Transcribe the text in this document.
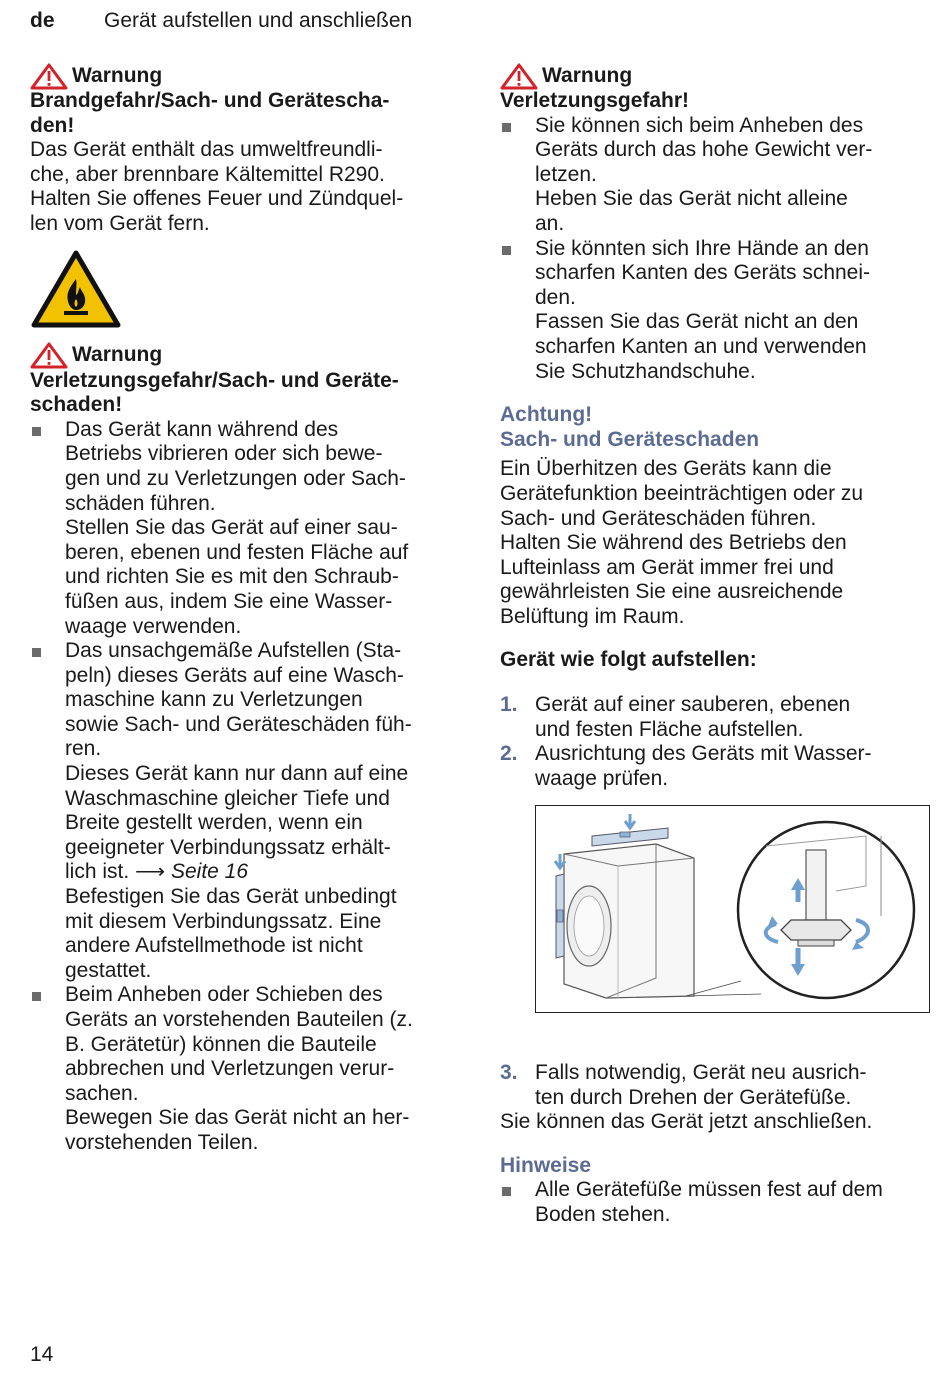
de Gerät aufstellen und anschließen
Warnung
Brandgefahr/Sach- und Gerätescha-
den!
Das Gerät enthält das umweltfreundli-
che, aber brennbare Kältemittel R290.
Halten Sie offenes Feuer und Zündquel-
len vom Gerät fern.
Warnung
Verletzungsgefahr/Sach- und Geräte-
schaden!
Das Gerät kann während des
Betriebs vibrieren oder sich bewe-
gen und zu Verletzungen oder Sach-
schäden führen.
Stellen Sie das Gerät auf einer sau-
beren, ebenen und festen Fläche auf
und richten Sie es mit den Schraub-
füßen aus, indem Sie eine Wasser-
waage verwenden.
Das unsachgemäße Aufstellen (Sta-
peln) dieses Geräts auf eine Wasch-
maschine kann zu Verletzungen
sowie Sach- und Geräteschäden füh-
ren.
Dieses Gerät kann nur dann auf eine
Waschmaschine gleicher Tiefe und
Breite gestellt werden, wenn ein
geeigneter Verbindungssatz erhält-
lich ist. ⟶ Seite 16
Befestigen Sie das Gerät unbedingt
mit diesem Verbindungssatz. Eine
andere Aufstellmethode ist nicht
gestattet.
Beim Anheben oder Schieben des
Geräts an vorstehenden Bauteilen (z.
B. Gerätetür) können die Bauteile
abbrechen und Verletzungen verur-
sachen.
Bewegen Sie das Gerät nicht an her-
vorstehenden Teilen.
Warnung
Verletzungsgefahr!
Sie können sich beim Anheben des
Geräts durch das hohe Gewicht ver-
letzen.
Heben Sie das Gerät nicht alleine
an.
Sie könnten sich Ihre Hände an den
scharfen Kanten des Geräts schnei-
den.
Fassen Sie das Gerät nicht an den
scharfen Kanten an und verwenden
Sie Schutzhandschuhe.
Achtung!
Sach- und Geräteschaden
Ein Überhitzen des Geräts kann die
Gerätefunktion beeinträchtigen oder zu
Sach- und Geräteschäden führen.
Halten Sie während des Betriebs den
Lufteinlass am Gerät immer frei und
gewährleisten Sie eine ausreichende
Belüftung im Raum.
Gerät wie folgt aufstellen:
1. Gerät auf einer sauberen, ebenen
und festen Fläche aufstellen.
2. Ausrichtung des Geräts mit Wasser-
waage prüfen.
3. Falls notwendig, Gerät neu ausrich-
ten durch Drehen der Gerätefüße.
Sie können das Gerät jetzt anschließen.
Hinweise
Alle Gerätefüße müssen fest auf dem
Boden stehen.
14
